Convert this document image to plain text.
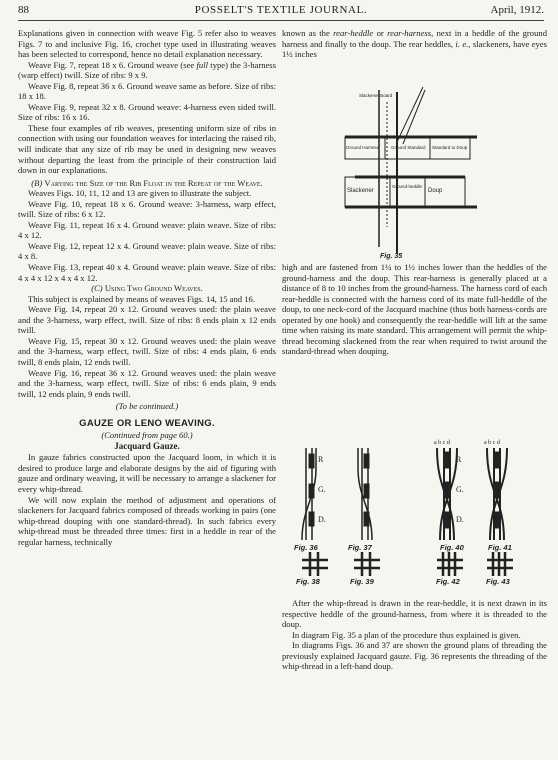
88	POSSELT'S TEXTILE JOURNAL.	April, 1912.

Explanations given in connection with weave Fig. 5 refer also to weaves Figs. 7 to and inclusive Fig. 16, crochet type used in illustrating weaves has been selected to correspond, hence no detail explanation necessary.

Weave Fig. 7, repeat 18 x 6. Ground weave (see full type) the 3-harness (warp effect) twill. Size of ribs: 9 x 9.

Weave Fig. 8, repeat 36 x 6. Ground weave same as before. Size of ribs: 18 x 18.

Weave Fig. 9, repeat 32 x 8. Ground weave: 4-harness even sided twill. Size of ribs: 16 x 16.

These four examples of rib weaves, presenting uniform size of ribs in connection with using our foundation weaves for interlacing the raised rib, will indicate that any size of rib may be used in designing new weaves without departing the least from the principle of their construction laid down in our explanations.

(B) Varying the Size of the Rib Float in the Repeat of the Weave.

Weaves Figs. 10, 11, 12 and 13 are given to illustrate the subject.

Weave Fig. 10, repeat 18 x 6. Ground weave: 3-harness, warp effect, twill. Size of ribs: 6 x 12.

Weave Fig. 11, repeat 16 x 4. Ground weave: plain weave. Size of ribs: 4 x 12.

Weave Fig. 12, repeat 12 x 4. Ground weave: plain weave. Size of ribs: 4 x 8.

Weave Fig. 13, repeat 40 x 4. Ground weave: plain weave. Size of ribs: 4 x 4 x 12 x 4 x 4 x 12.

(C) Using Two Ground Weaves.

This subject is explained by means of weaves Figs. 14, 15 and 16.

Weave Fig. 14, repeat 20 x 12. Ground weaves used: the plain weave and the 3-harness, warp effect, twill. Size of ribs: 8 ends plain x 12 ends twill.

Weave Fig. 15, repeat 30 x 12. Ground weaves used: the plain weave and the 3-harness, warp effect, twill. Size of ribs: 4 ends plain, 6 ends twill, 8 ends plain, 12 ends twill.

Weave Fig. 16, repeat 36 x 12. Ground weaves used: the plain weave and the 3-harness, warp effect, twill. Size of ribs: 6 ends plain, 9 ends twill, 12 ends plain, 9 ends twill.

(To be continued.)

GAUZE OR LENO WEAVING.
(Continued from page 60.)
Jacquard Gauze.

In gauze fabrics constructed upon the Jacquard loom, in which it is desired to produce large and elaborate designs by the aid of figuring with gauze and ordinary weaving, it will be necessary to arrange a slackener for every whip-thread.

We will now explain the method of adjustment and operations of slackeners for Jacquard fabrics composed of threads working in pairs (one whip-thread douping with one standard-thread). In such fabrics every whip-thread must be threaded three times: first in a heddle in rear of the regular harness, technically

known as the rear-heddle or rear-harness, next in a heddle of the ground harness and finally to the doup. The rear heddles, i. e., slackeners, have eyes 1½ inches

Slackener Board
Ground Harness	Ground Standard Standard to Doup
Slackener
Ground-heddle
Doup
Fig. 35

high and are fastened from 1¼ to 1½ inches lower than the heddles of the ground-harness and the doup. This rear-harness is generally placed at a distance of 8 to 10 inches from the ground-harness. The harness cord of each rear-heddle is connected with the harness cord of its mate full-heddle of the doup, to one neck-cord of the Jacquard machine (thus both harness-cords are operated by one hook) and consequently the rear-heddle will lift at the same time when raising its mate standard. This arrangement will permit the whip-thread becoming slackened from the rear when required to twist around the standard-thread when douping.

R
G.
D.
R
G.
D.
a b c d	a b c d
Fig. 36	Fig. 37	Fig. 40	Fig. 41
Fig. 38	Fig. 39	Fig. 42	Fig. 43

After the whip-thread is drawn in the rear-heddle, it is next drawn in its respective heddle of the ground-harness, from where it is threaded to the doup.

In diagram Fig. 35 a plan of the procedure thus explained is given.

In diagrams Figs. 36 and 37 are shown the ground plans of threading the previously explained Jacquard gauze. Fig. 36 represents the threading of the whip-thread in a left-hand doup.
